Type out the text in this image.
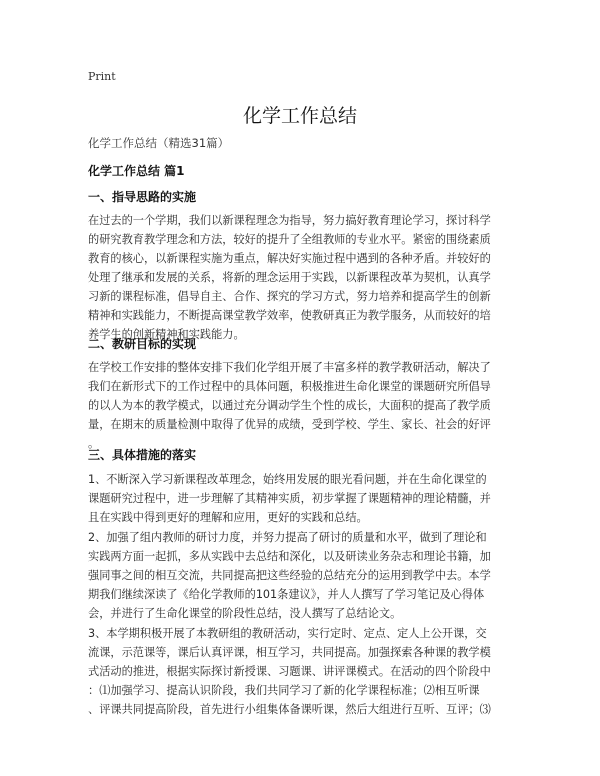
Print
化学工作总结
化学工作总结（精选31篇）
化学工作总结 篇1
一、指导思路的实施

在过去的一个学期，我们以新课程理念为指导，努力搞好教育理论学习，探讨科学
的研究教育教学理念和方法，较好的提升了全组教师的专业水平。紧密的围绕素质
教育的核心，以新课程实施为重点，解决好实施过程中遇到的各种矛盾。并较好的
处理了继承和发展的关系，将新的理念运用于实践，以新课程改革为契机，认真学
习新的课程标准，倡导自主、合作、探究的学习方式，努力培养和提高学生的创新
精神和实践能力，不断提高课堂教学效率，使教研真正为教学服务，从而较好的培
养学生的创新精神和实践能力。

二、教研目标的实现

在学校工作安排的整体安排下我们化学组开展了丰富多样的教学教研活动，解决了
我们在新形式下的工作过程中的具体问题，积极推进生命化课堂的课题研究所倡导
的以人为本的教学模式，以通过充分调动学生个性的成长，大面积的提高了教学质
量，在期末的质量检测中取得了优异的成绩，受到学校、学生、家长、社会的好评
。

三、具体措施的落实

1、不断深入学习新课程改革理念，始终用发展的眼光看问题，并在生命化课堂的
课题研究过程中，进一步理解了其精神实质，初步掌握了课题精神的理论精髓，并
且在实践中得到更好的理解和应用，更好的实践和总结。

2、加强了组内教师的研讨力度，并努力提高了研讨的质量和水平，做到了理论和
实践两方面一起抓，多从实践中去总结和深化，以及研读业务杂志和理论书籍，加
强同事之间的相互交流，共同提高把这些经验的总结充分的运用到教学中去。本学
期我们继续深读了《给化学教师的101条建议》，并人人撰写了学习笔记及心得体
会，并进行了生命化课堂的阶段性总结，没人撰写了总结论文。

3、本学期积极开展了本教研组的教研活动，实行定时、定点、定人上公开课，交
流课，示范课等，课后认真评课，相互学习，共同提高。加强探索各种课的教学模
式活动的推进，根据实际探讨新授课、习题课、讲评课模式。在活动的四个阶段中
：⑴加强学习、提高认识阶段，我们共同学习了新的化学课程标准；⑵相互听课
、评课共同提高阶段，首先进行小组集体备课听课，然后大组进行互听、互评；⑶
